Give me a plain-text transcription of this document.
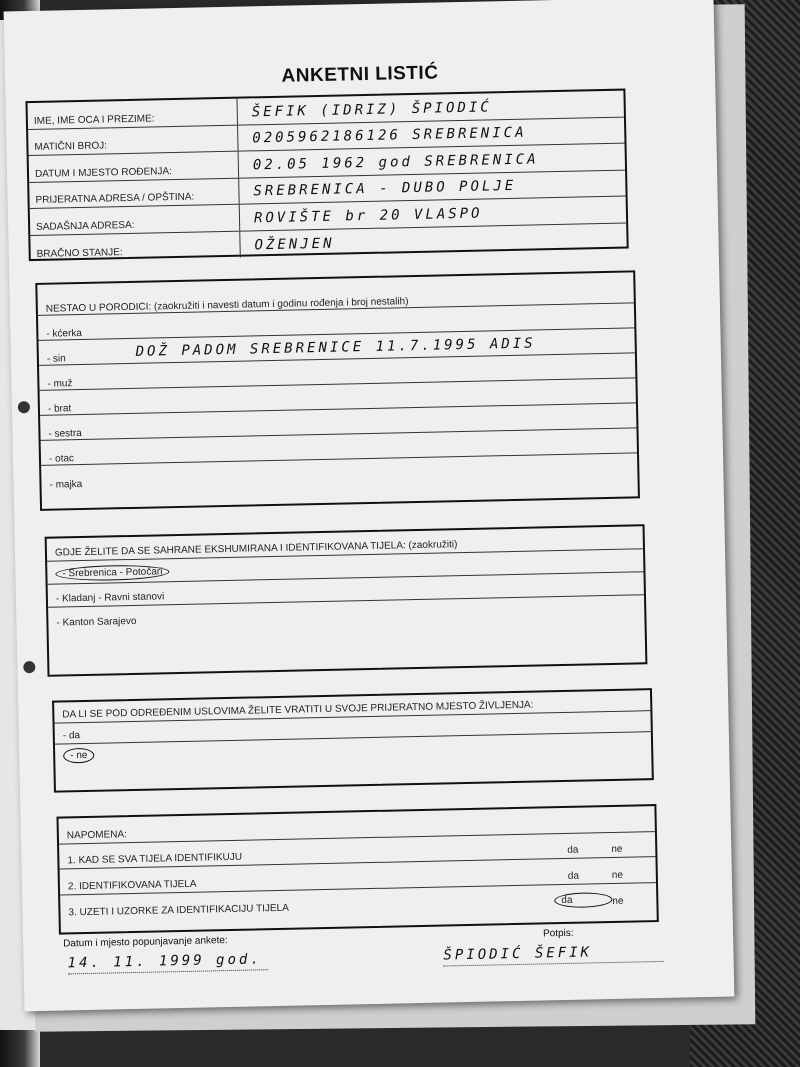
ANKETNI LISTIĆ
IME, IME OCA I PREZIME:	ŠEFIK (IDRIZ) ŠPIODIĆ
MATIČNI BROJ:
0205962186126 SREBRENICA
DATUM I MJESTO ROĐENJA:	02.05 1962 god SREBRENICA
PRIJERATNA ADRESA / OPŠTINA:	SREBRENICA - DUBO POLJE
SADAŠNJA ADRESA:
ROVIŠTE br 20 VLASPO
BRAČNO STANJE:
OŽENJEN
NESTAO U PORODICI: (zaokružiti i navesti datum i godinu rođenja i broj nestalih)
- kćerka
- sin	DOŽ PADOM SREBRENICE 11.7.1995 ADIS
- muž
- brat
- sestra
- otac
- majka
GDJE ŽELITE DA SE SAHRANE EKSHUMIRANA I IDENTIFIKOVANA TIJELA: (zaokružiti)
- Srebrenica - Potočari
- Kladanj - Ravni stanovi
- Kanton Sarajevo
DA LI SE POD ODREĐENIM USLOVIMA ŽELITE VRATITI U SVOJE PRIJERATNO MJESTO ŽIVLJENJA:
- da
- ne
NAPOMENA:
1. KAD SE SVA TIJELA IDENTIFIKUJU
da	ne
2. IDENTIFIKOVANA TIJELA
da	ne
3. UZETI I UZORKE ZA IDENTIFIKACIJU TIJELA
da	ne
Datum i mjesto popunjavanje ankete:
14. 11. 1999 god.
Potpis:
ŠPIODIĆ ŠEFIK
